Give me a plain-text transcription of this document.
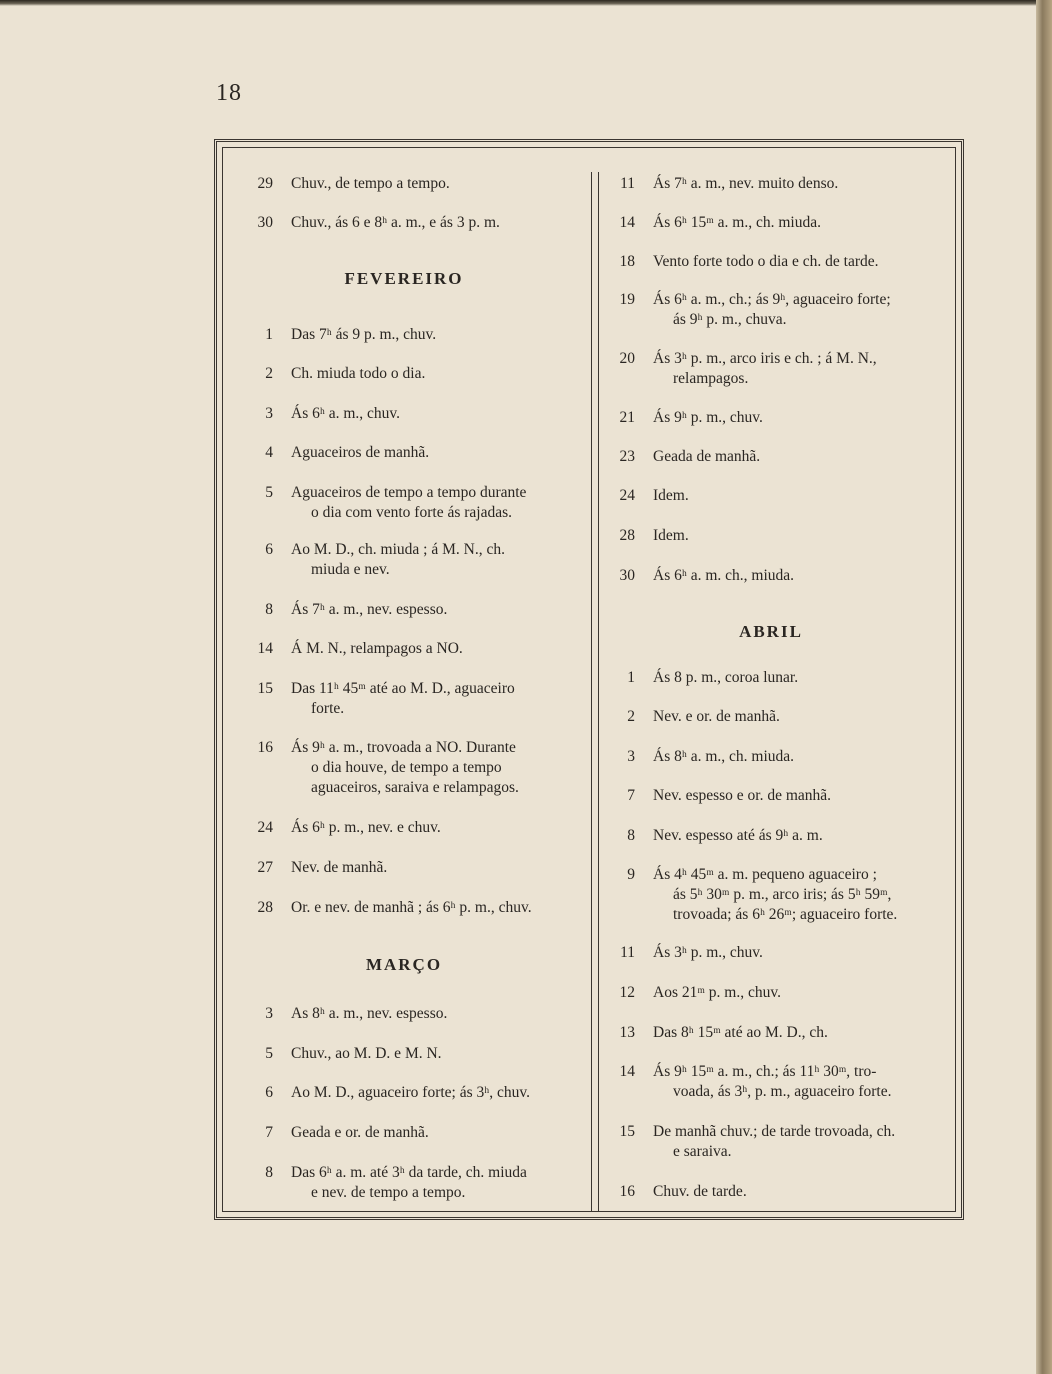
18
29 Chuv., de tempo a tempo.
30 Chuv., ás 6 e 8ʰ a. m., e ás 3 p. m.
FEVEREIRO
1 Das 7ʰ ás 9 p. m., chuv.
2 Ch. miuda todo o dia.
3 Ás 6ʰ a. m., chuv.
4 Aguaceiros de manhã.
5 Aguaceiros de tempo a tempo durante
o dia com vento forte ás rajadas.
6 Ao M. D., ch. miuda ; á M. N., ch.
miuda e nev.
8 Ás 7ʰ a. m., nev. espesso.
14 Á M. N., relampagos a NO.
15 Das 11ʰ 45ᵐ até ao M. D., aguaceiro
forte.
16 Ás 9ʰ a. m., trovoada a NO. Durante
o dia houve, de tempo a tempo
aguaceiros, saraiva e relampagos.
24 Ás 6ʰ p. m., nev. e chuv.
27 Nev. de manhã.
28 Or. e nev. de manhã ; ás 6ʰ p. m., chuv.
MARÇO
3 As 8ʰ a. m., nev. espesso.
5 Chuv., ao M. D. e M. N.
6 Ao M. D., aguaceiro forte; ás 3ʰ, chuv.
7 Geada e or. de manhã.
8 Das 6ʰ a. m. até 3ʰ da tarde, ch. miuda
e nev. de tempo a tempo.
11 Ás 7ʰ a. m., nev. muito denso.
14 Ás 6ʰ 15ᵐ a. m., ch. miuda.
18 Vento forte todo o dia e ch. de tarde.
19 Ás 6ʰ a. m., ch.; ás 9ʰ, aguaceiro forte;
ás 9ʰ p. m., chuva.
20 Ás 3ʰ p. m., arco iris e ch. ; á M. N.,
relampagos.
21 Ás 9ʰ p. m., chuv.
23 Geada de manhã.
24 Idem.
28 Idem.
30 Ás 6ʰ a. m. ch., miuda.
ABRIL
1 Ás 8 p. m., coroa lunar.
2 Nev. e or. de manhã.
3 Ás 8ʰ a. m., ch. miuda.
7 Nev. espesso e or. de manhã.
8 Nev. espesso até ás 9ʰ a. m.
9 Ás 4ʰ 45ᵐ a. m. pequeno aguaceiro ;
ás 5ʰ 30ᵐ p. m., arco iris; ás 5ʰ 59ᵐ,
trovoada; ás 6ʰ 26ᵐ; aguaceiro forte.
11 Ás 3ʰ p. m., chuv.
12 Aos 21ᵐ p. m., chuv.
13 Das 8ʰ 15ᵐ até ao M. D., ch.
14 Ás 9ʰ 15ᵐ a. m., ch.; ás 11ʰ 30ᵐ, tro-
voada, ás 3ʰ, p. m., aguaceiro forte.
15 De manhã chuv.; de tarde trovoada, ch.
e saraiva.
16 Chuv. de tarde.
